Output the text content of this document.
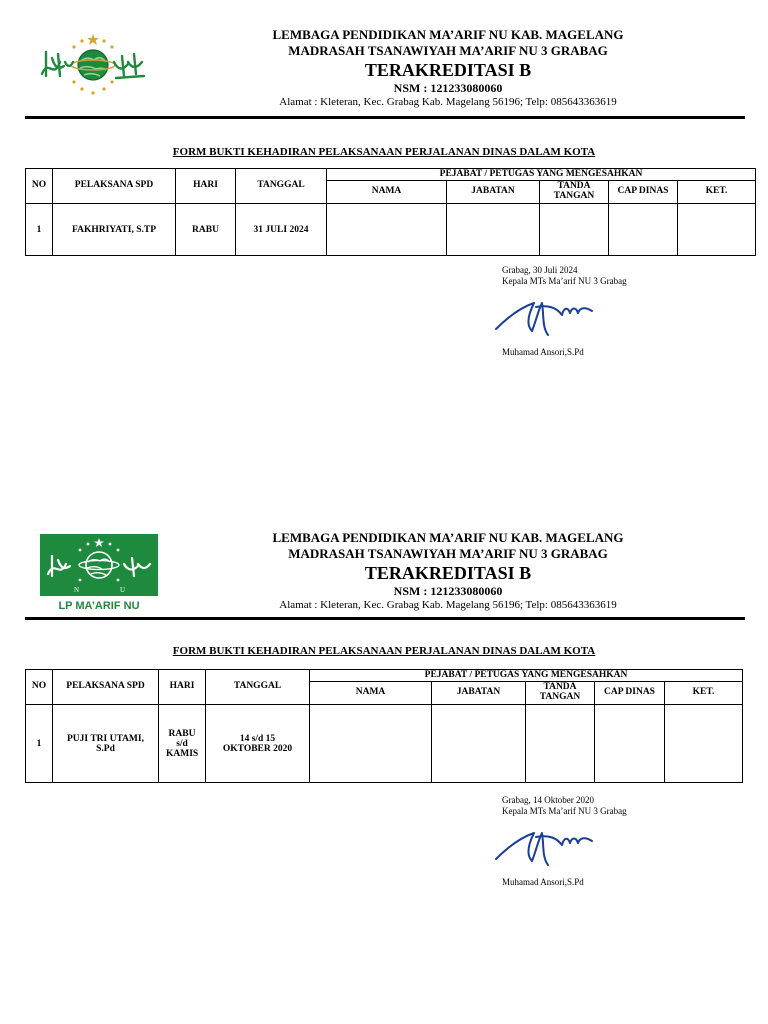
LEMBAGA PENDIDIKAN MA’ARIF NU KAB. MAGELANG
MADRASAH TSANAWIYAH MA’ARIF NU 3 GRABAG
TERAKREDITASI B
NSM : 121233080060
Alamat : Kleteran, Kec. Grabag Kab. Magelang 56196; Telp: 085643363619
FORM BUKTI KEHADIRAN PELAKSANAAN PERJALANAN DINAS DALAM KOTA
NO	PELAKSANA SPD	HARI	TANGGAL	PEJABAT / PETUGAS YANG MENGESAHKAN				
				NAMA	JABATAN	TANDA TANGAN	CAP DINAS	KET.
1	FAKHRIYATI, S.TP	RABU	31 JULI 2024					
Grabag, 30 Juli 2024
Kepala MTs Ma’arif NU 3 Grabag
Muhamad Ansori,S.Pd
N	U
LP MA’ARIF NU
LEMBAGA PENDIDIKAN MA’ARIF NU KAB. MAGELANG
MADRASAH TSANAWIYAH MA’ARIF NU 3 GRABAG
TERAKREDITASI B
NSM : 121233080060
Alamat : Kleteran, Kec. Grabag Kab. Magelang 56196; Telp: 085643363619
FORM BUKTI KEHADIRAN PELAKSANAAN PERJALANAN DINAS DALAM KOTA
NO	PELAKSANA SPD	HARI	TANGGAL	PEJABAT / PETUGAS YANG MENGESAHKAN				
				NAMA	JABATAN	TANDA TANGAN	CAP DINAS	KET.
1	PUJI TRI UTAMI, S.Pd	RABU s/d KAMIS	14 s/d 15 OKTOBER 2020					
Grabag, 14 Oktober 2020
Kepala MTs Ma’arif NU 3 Grabag
Muhamad Ansori,S.Pd
